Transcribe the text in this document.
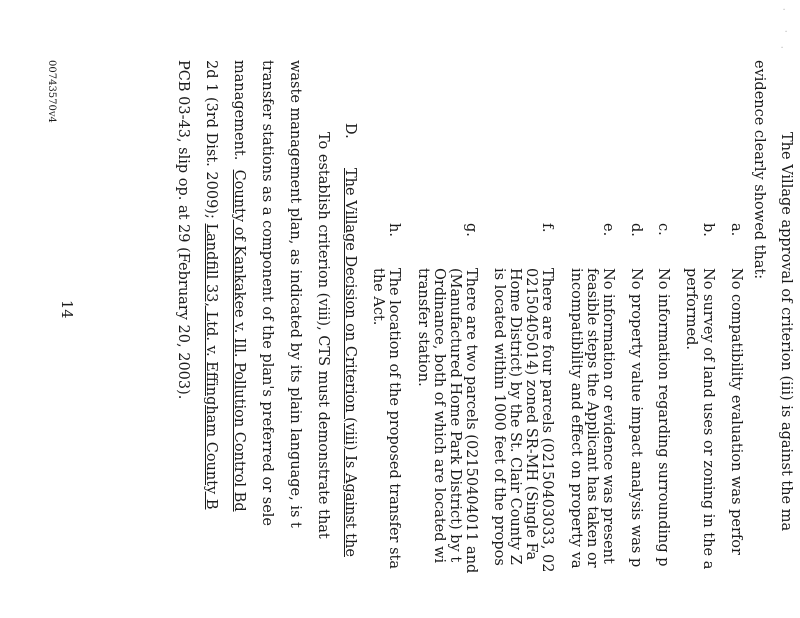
The Village approval of criterion (iii) is against the ma
evidence clearly showed that:
a.
No compatibility evaluation was perfor
b.
No survey of land uses or zoning in the a
performed.
c.
No information regarding surrounding p
d.
No property value impact analysis was p
e.
No information or evidence was present
feasible steps the Applicant has taken or
incompatibility and effect on property va
f.
There are four parcels (02150403033, 02
02150405014) zoned SR-MH (Single Fa
Home District) by the St. Clair County Z
is located within 1000 feet of the propos
g.
There are two parcels (02150404011 and
(Manufactured Home Park District) by t
Ordinance, both of which are located wi
transfer station.
h.
The location of the proposed transfer sta
the Act.
D.
The Village Decision on Criterion (viii) Is Against the
To establish criterion (viii), CTS must demonstrate that
waste management plan, as indicated by its plain language, is t
transfer stations as a component of the plan's preferred or sele
management.  County of Kankakee v. Ill. Pollution Control Bd
2d 1 (3rd Dist. 2009); Landfill 33, Ltd. v. Effingham County B
PCB 03-43, slip op. at 29 (February 20, 2003).
14
00743570v4
·
·
·
